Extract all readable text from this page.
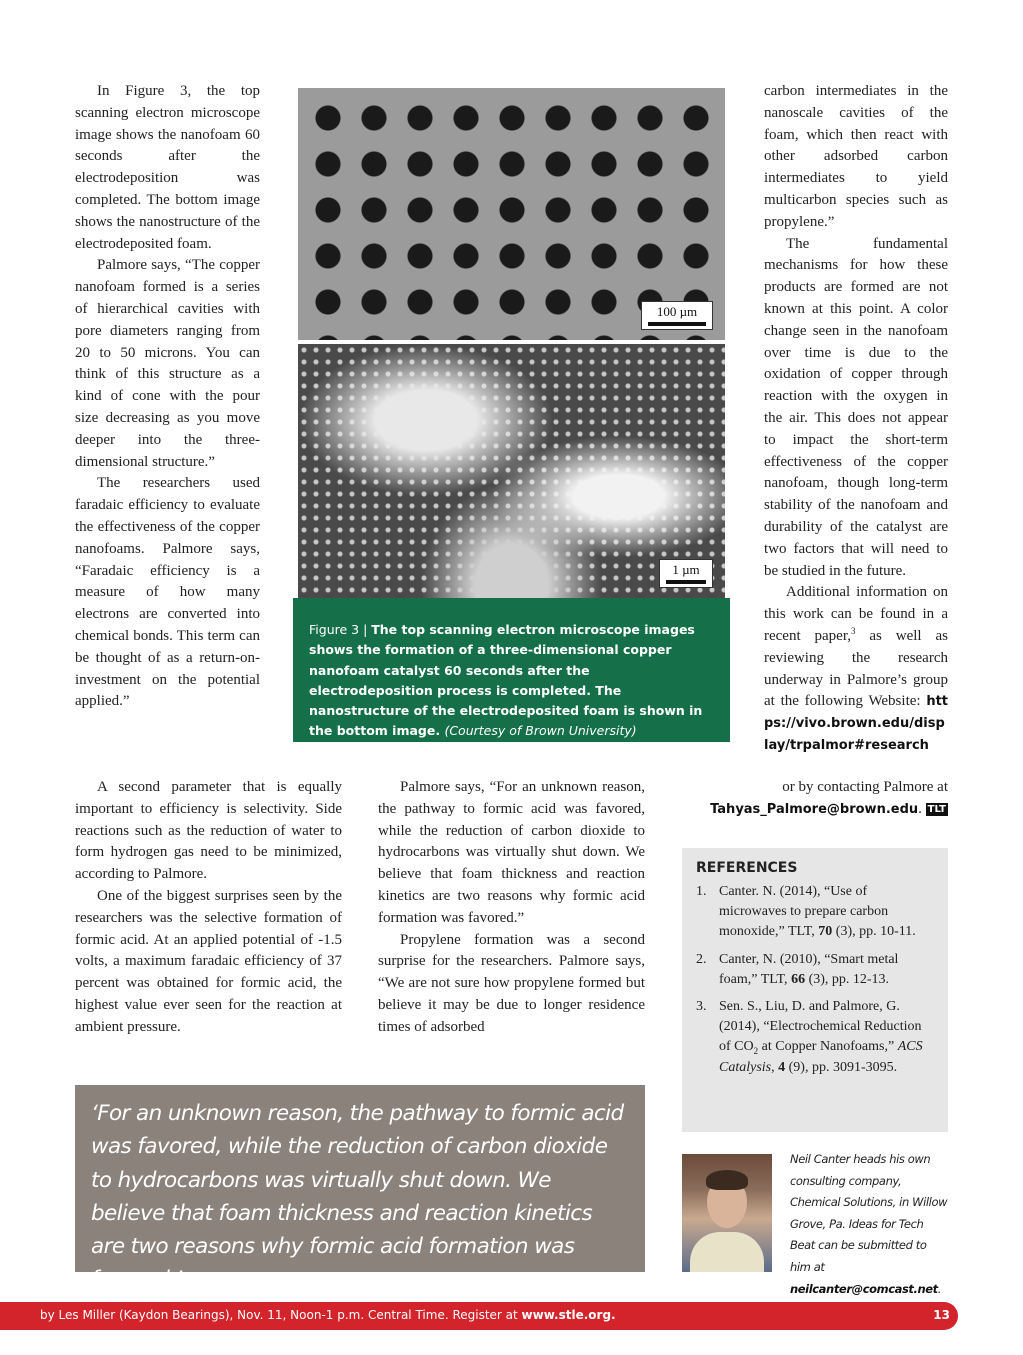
In Figure 3, the top scanning electron microscope image shows the nanofoam 60 seconds after the electrodeposition was completed. The bottom image shows the nanostructure of the electrodeposited foam.

Palmore says, “The copper nanofoam formed is a series of hierarchical cavities with pore diameters ranging from 20 to 50 microns. You can think of this structure as a kind of cone with the pour size decreasing as you move deeper into the three-dimensional structure.”

The researchers used faradaic efficiency to evaluate the effectiveness of the copper nanofoams. Palmore says, “Faradaic efficiency is a measure of how many electrons are converted into chemical bonds. This term can be thought of as a return-on-investment on the potential applied.”

A second parameter that is equally important to efficiency is selectivity. Side reactions such as the reduction of water to form hydrogen gas need to be minimized, according to Palmore.

One of the biggest surprises seen by the researchers was the selective formation of formic acid. At an applied potential of -1.5 volts, a maximum faradaic efficiency of 37 percent was obtained for formic acid, the highest value ever seen for the reaction at ambient pressure.

Palmore says, “For an unknown reason, the pathway to formic acid was favored, while the reduction of carbon dioxide to hydrocarbons was virtually shut down. We believe that foam thickness and reaction kinetics are two reasons why formic acid formation was favored.”

Propylene formation was a second surprise for the researchers. Palmore says, “We are not sure how propylene formed but believe it may be due to longer residence times of adsorbed

carbon intermediates in the nanoscale cavities of the foam, which then react with other adsorbed carbon intermediates to yield multicarbon species such as propylene.”

The fundamental mechanisms for how these products are formed are not known at this point. A color change seen in the nanofoam over time is due to the oxidation of copper through reaction with the oxygen in the air. This does not appear to impact the short-term effectiveness of the copper nanofoam, though long-term stability of the nanofoam and durability of the catalyst are two factors that will need to be studied in the future.

Additional information on this work can be found in a recent paper,$^3$ as well as reviewing the research underway in Palmore’s group at the following Website: https://vivo.brown.edu/display/trpalmor#research

or by contacting Palmore at Tahyas_Palmore@brown.edu. TLT

100 µm
1 µm
Figure 3 | The top scanning electron microscope images shows the formation of a three-dimensional copper nanofoam catalyst 60 seconds after the electrodeposition process is completed. The nanostructure of the electrodeposited foam is shown in the bottom image. (Courtesy of Brown University)
‘For an unknown reason, the pathway to formic acid was favored, while the reduction of carbon dioxide to hydrocarbons was virtually shut down. We believe that foam thickness and reaction kinetics are two reasons why formic acid formation was favored.’
REFERENCES
1. Canter. N. (2014), “Use of microwaves to prepare carbon monoxide,” TLT, 70 (3), pp. 10-11.
2. Canter, N. (2010), “Smart metal foam,” TLT, 66 (3), pp. 12-13.
3. Sen. S., Liu, D. and Palmore, G. (2014), “Electrochemical Reduction of $CO_2$ at Copper Nanofoams,” ACS Catalysis, 4 (9), pp. 3091-3095.
Neil Canter heads his own consulting company, Chemical Solutions, in Willow Grove, Pa. Ideas for Tech Beat can be submitted to him at neilcanter@comcast.net.
by Les Miller (Kaydon Bearings), Nov. 11, Noon-1 p.m. Central Time. Register at www.stle.org.	13
